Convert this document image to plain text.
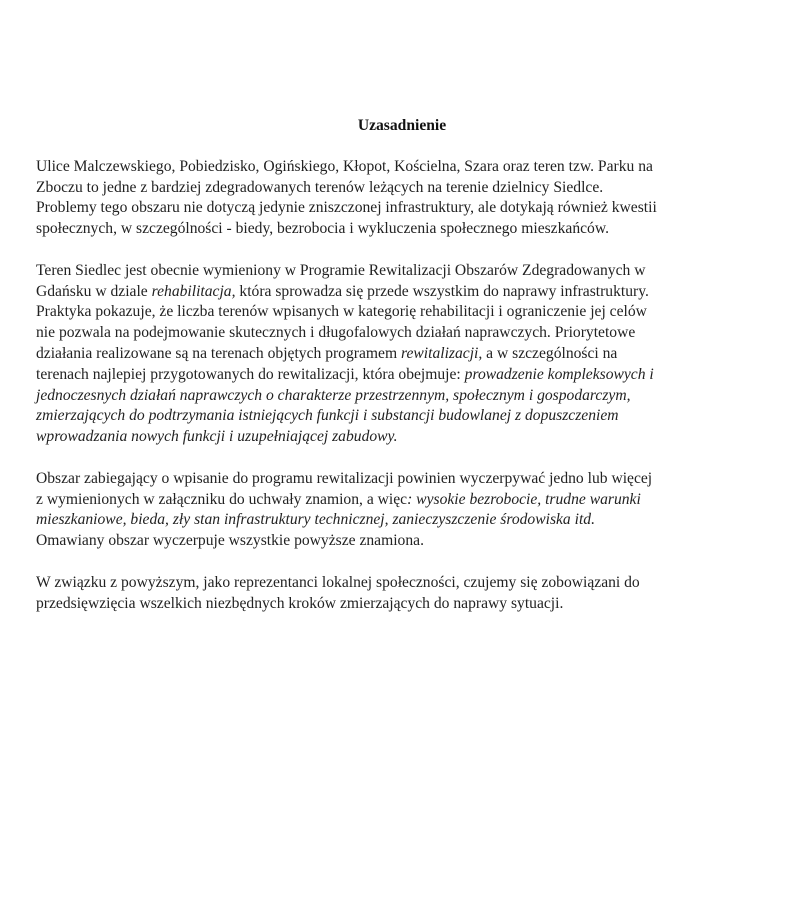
Uzasadnienie
Ulice Malczewskiego, Pobiedzisko, Ogińskiego, Kłopot, Kościelna, Szara oraz teren tzw. Parku na
Zboczu to jedne z bardziej zdegradowanych terenów leżących na terenie dzielnicy Siedlce.
Problemy tego obszaru nie dotyczą jedynie zniszczonej infrastruktury, ale dotykają również kwestii
społecznych, w szczególności - biedy, bezrobocia i wykluczenia społecznego mieszkańców.
Teren Siedlec jest obecnie wymieniony w Programie Rewitalizacji Obszarów Zdegradowanych w
Gdańsku w dziale rehabilitacja, która sprowadza się przede wszystkim do naprawy infrastruktury.
Praktyka pokazuje, że liczba terenów wpisanych w kategorię rehabilitacji i ograniczenie jej celów
nie pozwala na podejmowanie skutecznych i długofalowych działań naprawczych. Priorytetowe
działania realizowane są na terenach objętych programem rewitalizacji, a w szczególności na
terenach najlepiej przygotowanych do rewitalizacji, która obejmuje: prowadzenie kompleksowych i
jednoczesnych działań naprawczych o charakterze przestrzennym, społecznym i gospodarczym,
zmierzających do podtrzymania istniejących funkcji i substancji budowlanej z dopuszczeniem
wprowadzania nowych funkcji i uzupełniającej zabudowy.
Obszar zabiegający o wpisanie do programu rewitalizacji powinien wyczerpywać jedno lub więcej
z wymienionych w załączniku do uchwały znamion, a więc: wysokie bezrobocie, trudne warunki
mieszkaniowe, bieda, zły stan infrastruktury technicznej, zanieczyszczenie środowiska itd.
Omawiany obszar wyczerpuje wszystkie powyższe znamiona.
W związku z powyższym, jako reprezentanci lokalnej społeczności, czujemy się zobowiązani do
przedsięwzięcia wszelkich niezbędnych kroków zmierzających do naprawy sytuacji.
